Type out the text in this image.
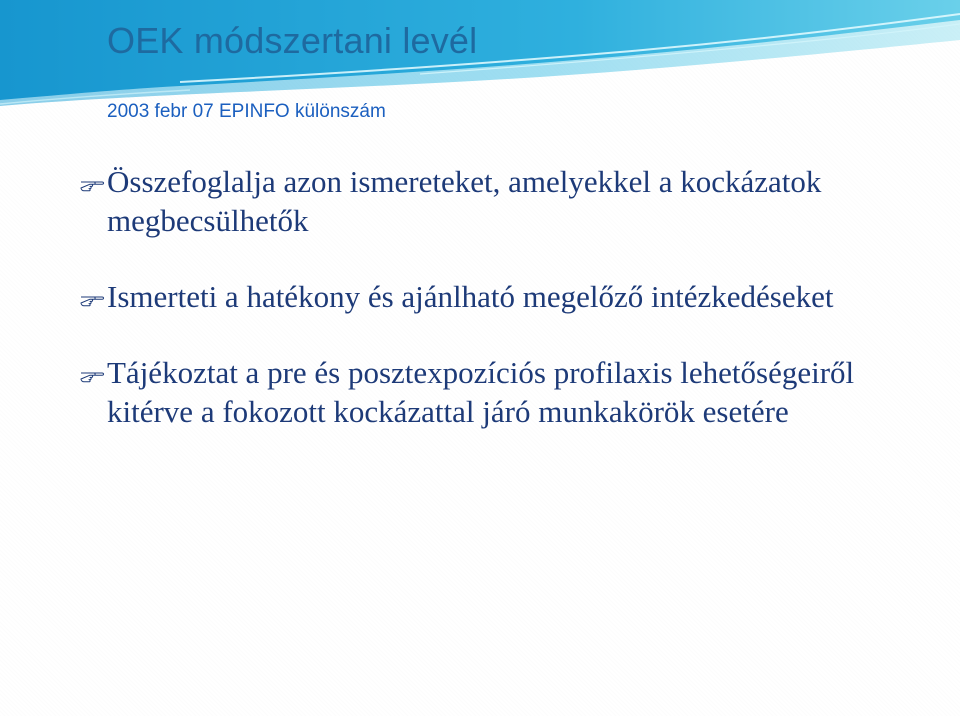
OEK módszertani levél
2003 febr 07 EPINFO különszám
Összefoglalja azon ismereteket, amelyekkel a kockázatok megbecsülhetők
Ismerteti a hatékony és ajánlható megelőző intézkedéseket
Tájékoztat a pre és posztexpozíciós profilaxis lehetőségeiről kitérve a fokozott kockázattal járó munkakörök esetére
